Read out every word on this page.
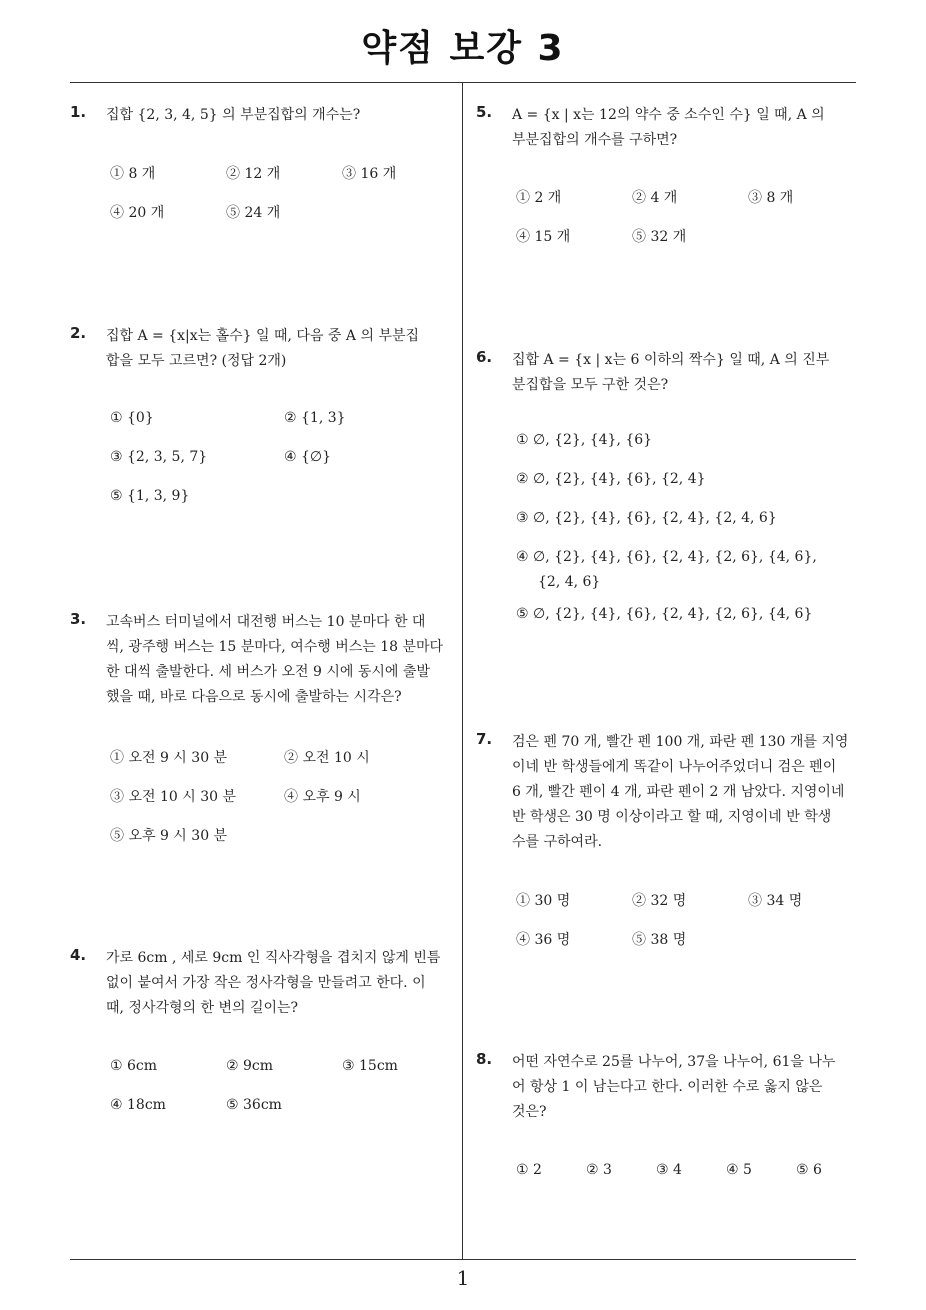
약점 보강 3
1
1. 집합 {2, 3, 4, 5} 의 부분집합의 개수는?
① 8 개	② 12 개	③ 16 개
④ 20 개	⑤ 24 개
2. 집합 A = {x|x는 홀수} 일 때, 다음 중 A 의 부분집
합을 모두 고르면? (정답 2개)
① {0}	② {1, 3}
③ {2, 3, 5, 7}	④ {∅}
⑤ {1, 3, 9}
3. 고속버스 터미널에서 대전행 버스는 10 분마다 한 대
씩, 광주행 버스는 15 분마다, 여수행 버스는 18 분마다
한 대씩 출발한다. 세 버스가 오전 9 시에 동시에 출발
했을 때, 바로 다음으로 동시에 출발하는 시각은?
① 오전 9 시 30 분	② 오전 10 시
③ 오전 10 시 30 분	④ 오후 9 시
⑤ 오후 9 시 30 분
4. 가로 6cm , 세로 9cm 인 직사각형을 겹치지 않게 빈틈
없이 붙여서 가장 작은 정사각형을 만들려고 한다. 이
때, 정사각형의 한 변의 길이는?
① 6cm	② 9cm	③ 15cm
④ 18cm	⑤ 36cm
5. A = {x | x는 12의 약수 중 소수인 수} 일 때, A 의
부분집합의 개수를 구하면?
① 2 개	② 4 개	③ 8 개
④ 15 개	⑤ 32 개
6. 집합 A = {x | x는 6 이하의 짝수} 일 때, A 의 진부
분집합을 모두 구한 것은?
① ∅, {2}, {4}, {6}
② ∅, {2}, {4}, {6}, {2, 4}
③ ∅, {2}, {4}, {6}, {2, 4}, {2, 4, 6}
④ ∅, {2}, {4}, {6}, {2, 4}, {2, 6}, {4, 6},
{2, 4, 6}
⑤ ∅, {2}, {4}, {6}, {2, 4}, {2, 6}, {4, 6}
7. 검은 펜 70 개, 빨간 펜 100 개, 파란 펜 130 개를 지영
이네 반 학생들에게 똑같이 나누어주었더니 검은 펜이
6 개, 빨간 펜이 4 개, 파란 펜이 2 개 남았다. 지영이네
반 학생은 30 명 이상이라고 할 때, 지영이네 반 학생
수를 구하여라.
① 30 명	② 32 명	③ 34 명
④ 36 명	⑤ 38 명
8. 어떤 자연수로 25를 나누어, 37을 나누어, 61을 나누
어 항상 1 이 남는다고 한다. 이러한 수로 옳지 않은
것은?
① 2	② 3	③ 4	④ 5	⑤ 6
